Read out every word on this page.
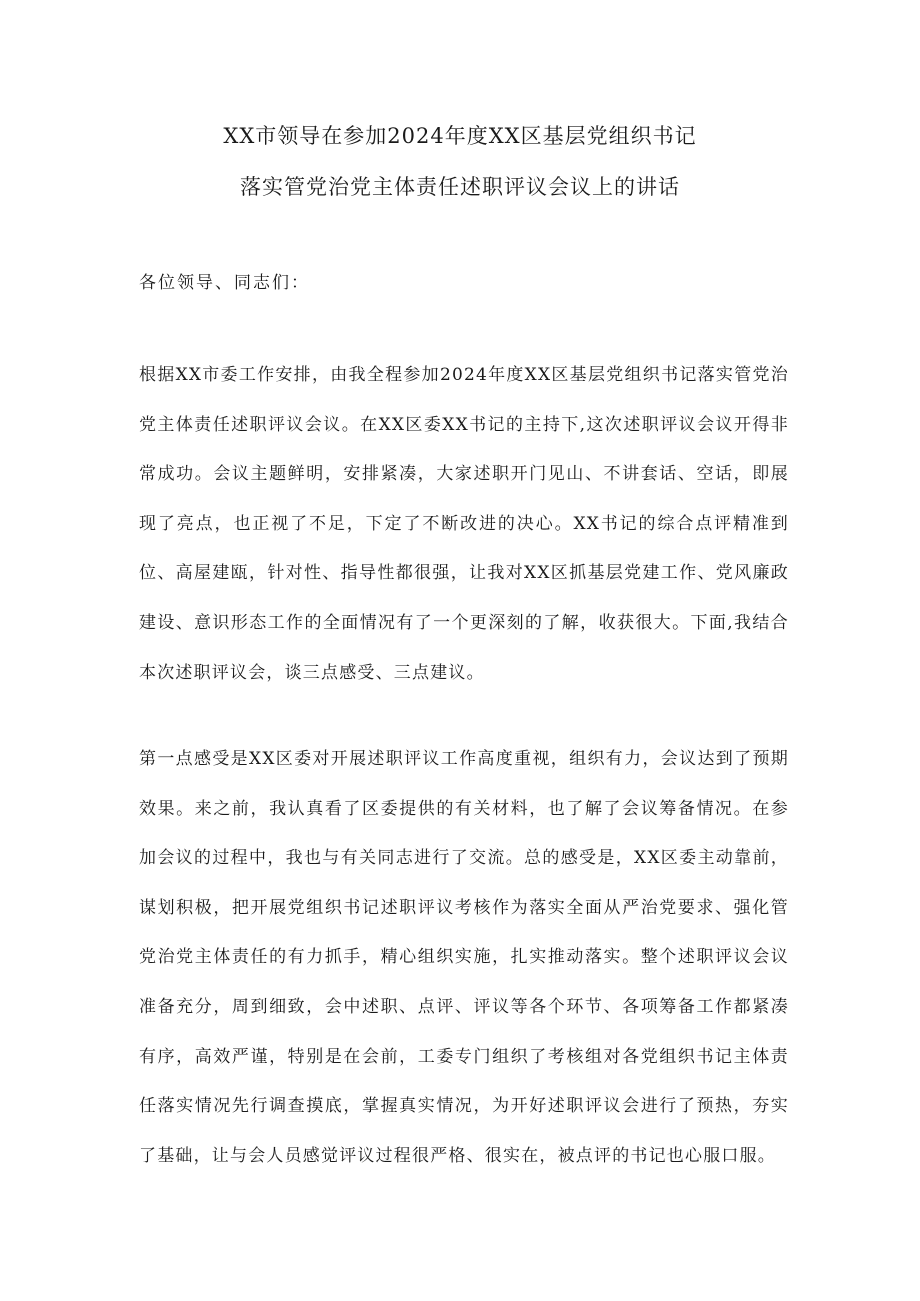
XX市领导在参加2024年度XX区基层党组织书记
落实管党治党主体责任述职评议会议上的讲话
各位领导、同志们：

根据XX市委工作安排，由我全程参加2024年度XX区基层党组织书记落实管党治党主体责任述职评议会议。在XX区委XX书记的主持下,这次述职评议会议开得非常成功。会议主题鲜明，安排紧凑，大家述职开门见山、不讲套话、空话，即展现了亮点，也正视了不足，下定了不断改进的决心。XX书记的综合点评精准到位、高屋建瓯，针对性、指导性都很强，让我对XX区抓基层党建工作、党风廉政建设、意识形态工作的全面情况有了一个更深刻的了解，收获很大。下面,我结合本次述职评议会，谈三点感受、三点建议。

第一点感受是XX区委对开展述职评议工作高度重视，组织有力，会议达到了预期效果。来之前，我认真看了区委提供的有关材料，也了解了会议筹备情况。在参加会议的过程中，我也与有关同志进行了交流。总的感受是，XX区委主动靠前，谋划积极，把开展党组织书记述职评议考核作为落实全面从严治党要求、强化管党治党主体责任的有力抓手，精心组织实施，扎实推动落实。整个述职评议会议准备充分，周到细致，会中述职、点评、评议等各个环节、各项筹备工作都紧凑有序，高效严谨，特别是在会前，工委专门组织了考核组对各党组织书记主体责任落实情况先行调查摸底，掌握真实情况，为开好述职评议会进行了预热，夯实了基础，让与会人员感觉评议过程很严格、很实在，被点评的书记也心服口服。
